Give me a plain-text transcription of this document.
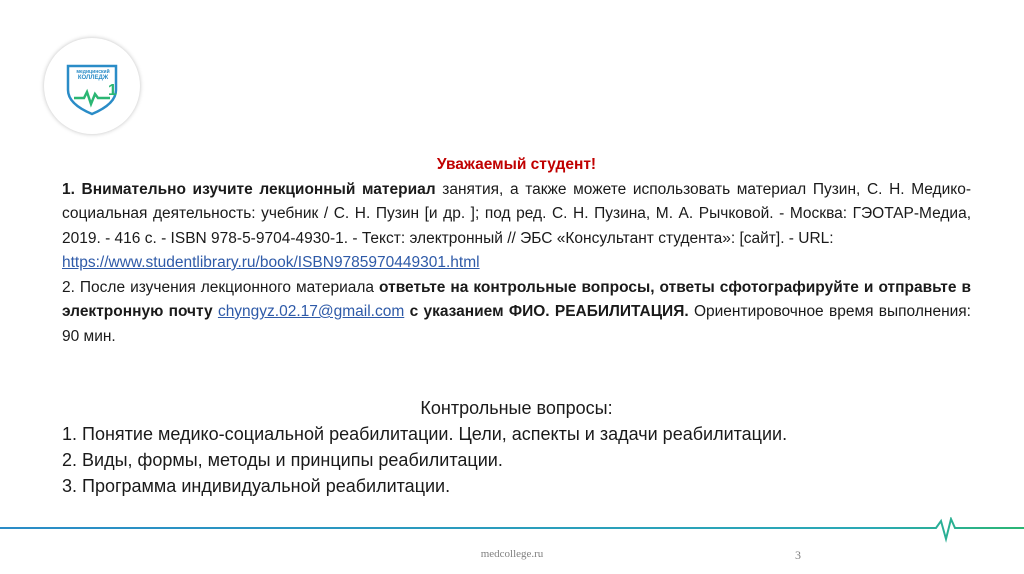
медицинский
КОЛЛЕДЖ
1

Уважаемый студент!

1. Внимательно изучите лекционный материал занятия, а также можете использовать материал Пузин, С. Н. Медико-социальная деятельность: учебник / С. Н. Пузин [и др. ]; под ред. С. Н. Пузина, М. А. Рычковой. - Москва: ГЭОТАР-Медиа, 2019. - 416 с. - ISBN 978-5-9704-4930-1. - Текст: электронный // ЭБС «Консультант студента»: [сайт]. - URL:
https://www.studentlibrary.ru/book/ISBN9785970449301.html

2. После изучения лекционного материала ответьте на контрольные вопросы, ответы сфотографируйте и отправьте в электронную почту chyngyz.02.17@gmail.com с указанием ФИО. РЕАБИЛИТАЦИЯ. Ориентировочное время выполнения: 90 мин.

Контрольные вопросы:

1. Понятие медико-социальной реабилитации. Цели, аспекты и задачи реабилитации.

2. Виды, формы, методы и принципы реабилитации.

3. Программа индивидуальной реабилитации.

medcollege.ru	3
